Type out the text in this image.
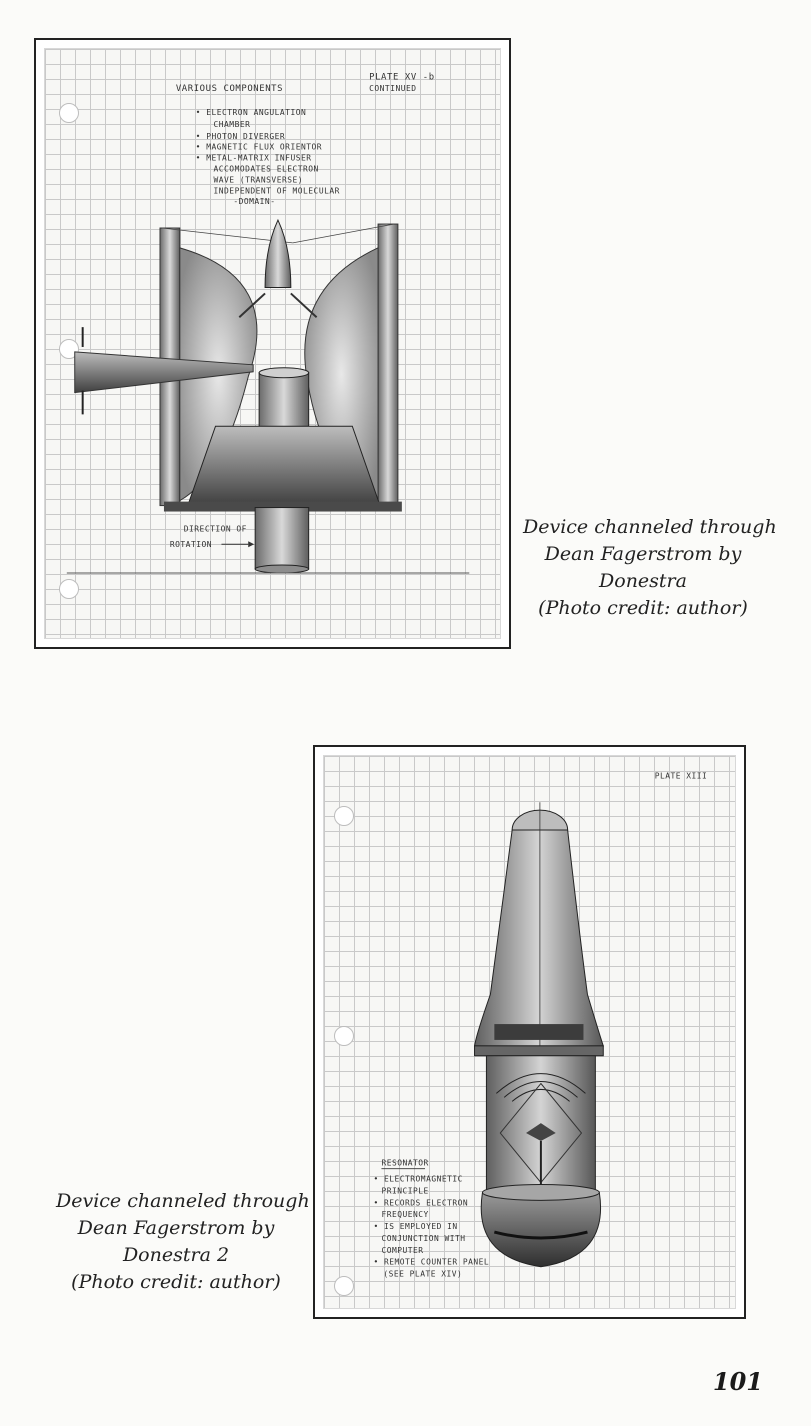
VARIOUS COMPONENTS
PLATE XV -b
CONTINUED
• ELECTRON ANGULATION
CHAMBER
• PHOTON DIVERGER
• MAGNETIC FLUX ORIENTOR
• METAL-MATRIX INFUSER
ACCOMODATES ELECTRON
WAVE (TRANSVERSE)
INDEPENDENT OF MOLECULAR
-DOMAIN-
DIRECTION OF
ROTATION
Device channeled through
Dean Fagerstrom by
Donestra
(Photo credit: author)
PLATE XIII
RESONATOR
• ELECTROMAGNETIC
PRINCIPLE
• RECORDS ELECTRON
FREQUENCY
• IS EMPLOYED IN
CONJUNCTION WITH
COMPUTER
• REMOTE COUNTER PANEL
(SEE PLATE XIV)
Device channeled through
Dean Fagerstrom by
Donestra 2
(Photo credit: author)
101
